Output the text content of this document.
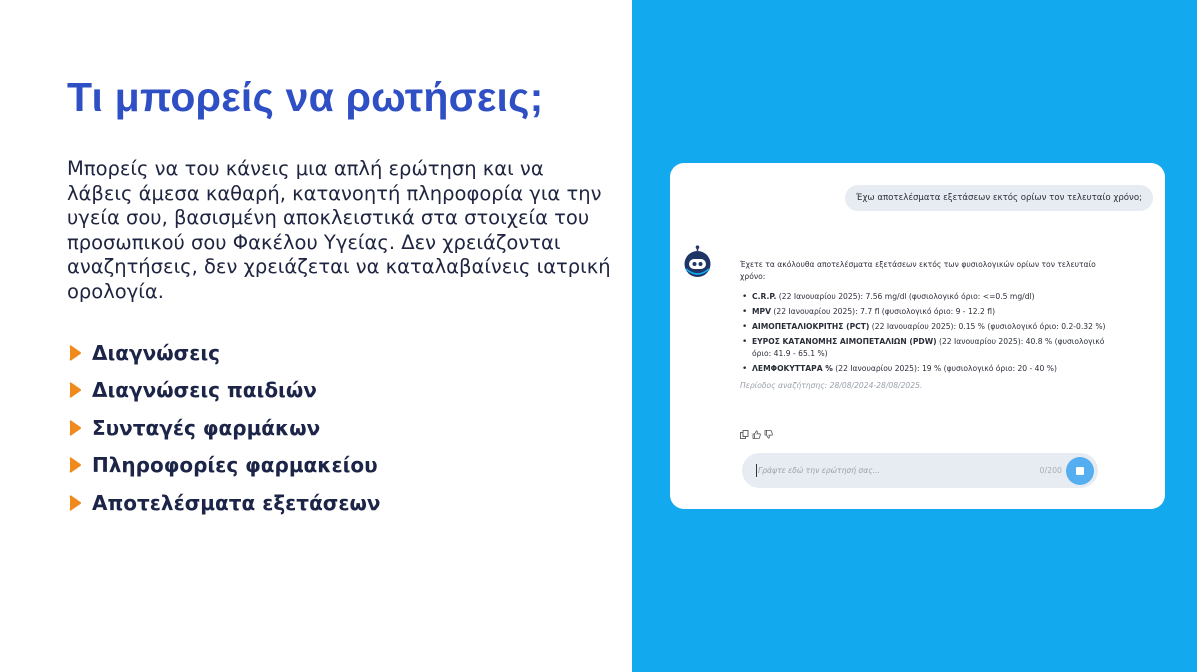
Τι μπορείς να ρωτήσεις;

Μπορείς να του κάνεις μια απλή ερώτηση και να λάβεις άμεσα καθαρή, κατανοητή πληροφορία για την υγεία σου, βασισμένη αποκλειστικά στα στοιχεία του προσωπικού σου Φακέλου Υγείας. Δεν χρειάζονται αναζητήσεις, δεν χρειάζεται να καταλαβαίνεις ιατρική ορολογία.

Διαγνώσεις
Διαγνώσεις παιδιών
Συνταγές φαρμάκων
Πληροφορίες φαρμακείου
Αποτελέσματα εξετάσεων
Έχω αποτελέσματα εξετάσεων εκτός ορίων τον τελευταίο χρόνο;
Έχετε τα ακόλουθα αποτελέσματα εξετάσεων εκτός των φυσιολογικών ορίων τον τελευταίο χρόνο:
• C.R.P. (22 Ιανουαρίου 2025): 7.56 mg/dl (φυσιολογικό όριο: <=0.5 mg/dl)
• MPV (22 Ιανουαρίου 2025): 7.7 fl (φυσιολογικό όριο: 9 - 12.2 fl)
• ΑΙΜΟΠΕΤΑΛΙΟΚΡΙΤΗΣ (PCT) (22 Ιανουαρίου 2025): 0.15 % (φυσιολογικό όριο: 0.2-0.32 %)
• ΕΥΡΟΣ ΚΑΤΑΝΟΜΗΣ ΑΙΜΟΠΕΤΑΛΙΩΝ (PDW) (22 Ιανουαρίου 2025): 40.8 % (φυσιολογικό όριο: 41.9 - 65.1 %)
• ΛΕΜΦΟΚΥΤΤΑΡΑ % (22 Ιανουαρίου 2025): 19 % (φυσιολογικό όριο: 20 - 40 %)
Περίοδος αναζήτησης: 28/08/2024-28/08/2025.
Γράψτε εδώ την ερώτησή σας...	0/200
